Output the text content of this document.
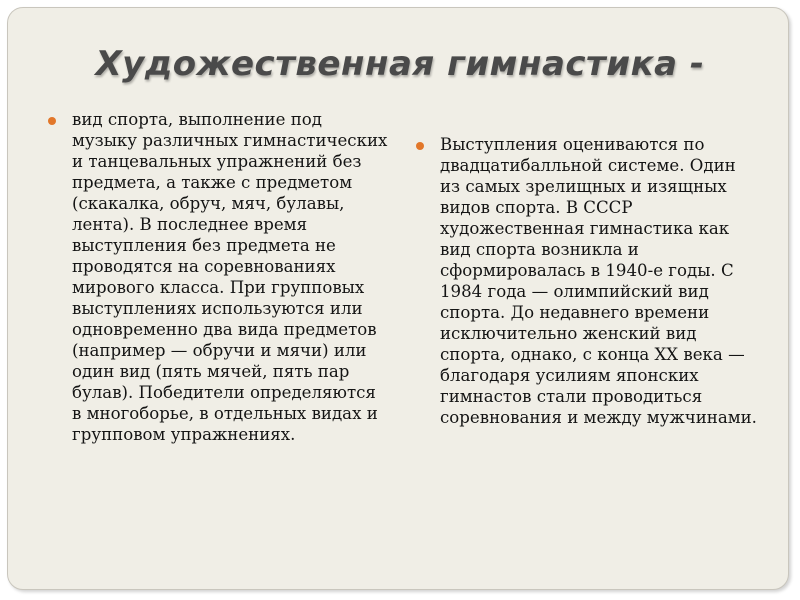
Художественная гимнастика -
вид спорта, выполнение под музыку различных гимнастических и танцевальных упражнений без предмета, а также с предметом (скакалка, обруч, мяч, булавы, лента). В последнее время выступления без предмета не проводятся на соревнованиях мирового класса. При групповых выступлениях используются или одновременно два вида предметов (например — обручи и мячи) или один вид (пять мячей, пять пар булав). Победители определяются в многоборье, в отдельных видах и групповом упражнениях.
Выступления оцениваются по двадцатибалльной системе. Один из самых зрелищных и изящных видов спорта. В СССР художественная гимнастика как вид спорта возникла и сформировалась в 1940-е годы. С 1984 года — олимпийский вид спорта. До недавнего времени исключительно женский вид спорта, однако, с конца XX века — благодаря усилиям японских гимнастов стали проводиться соревнования и между мужчинами.
